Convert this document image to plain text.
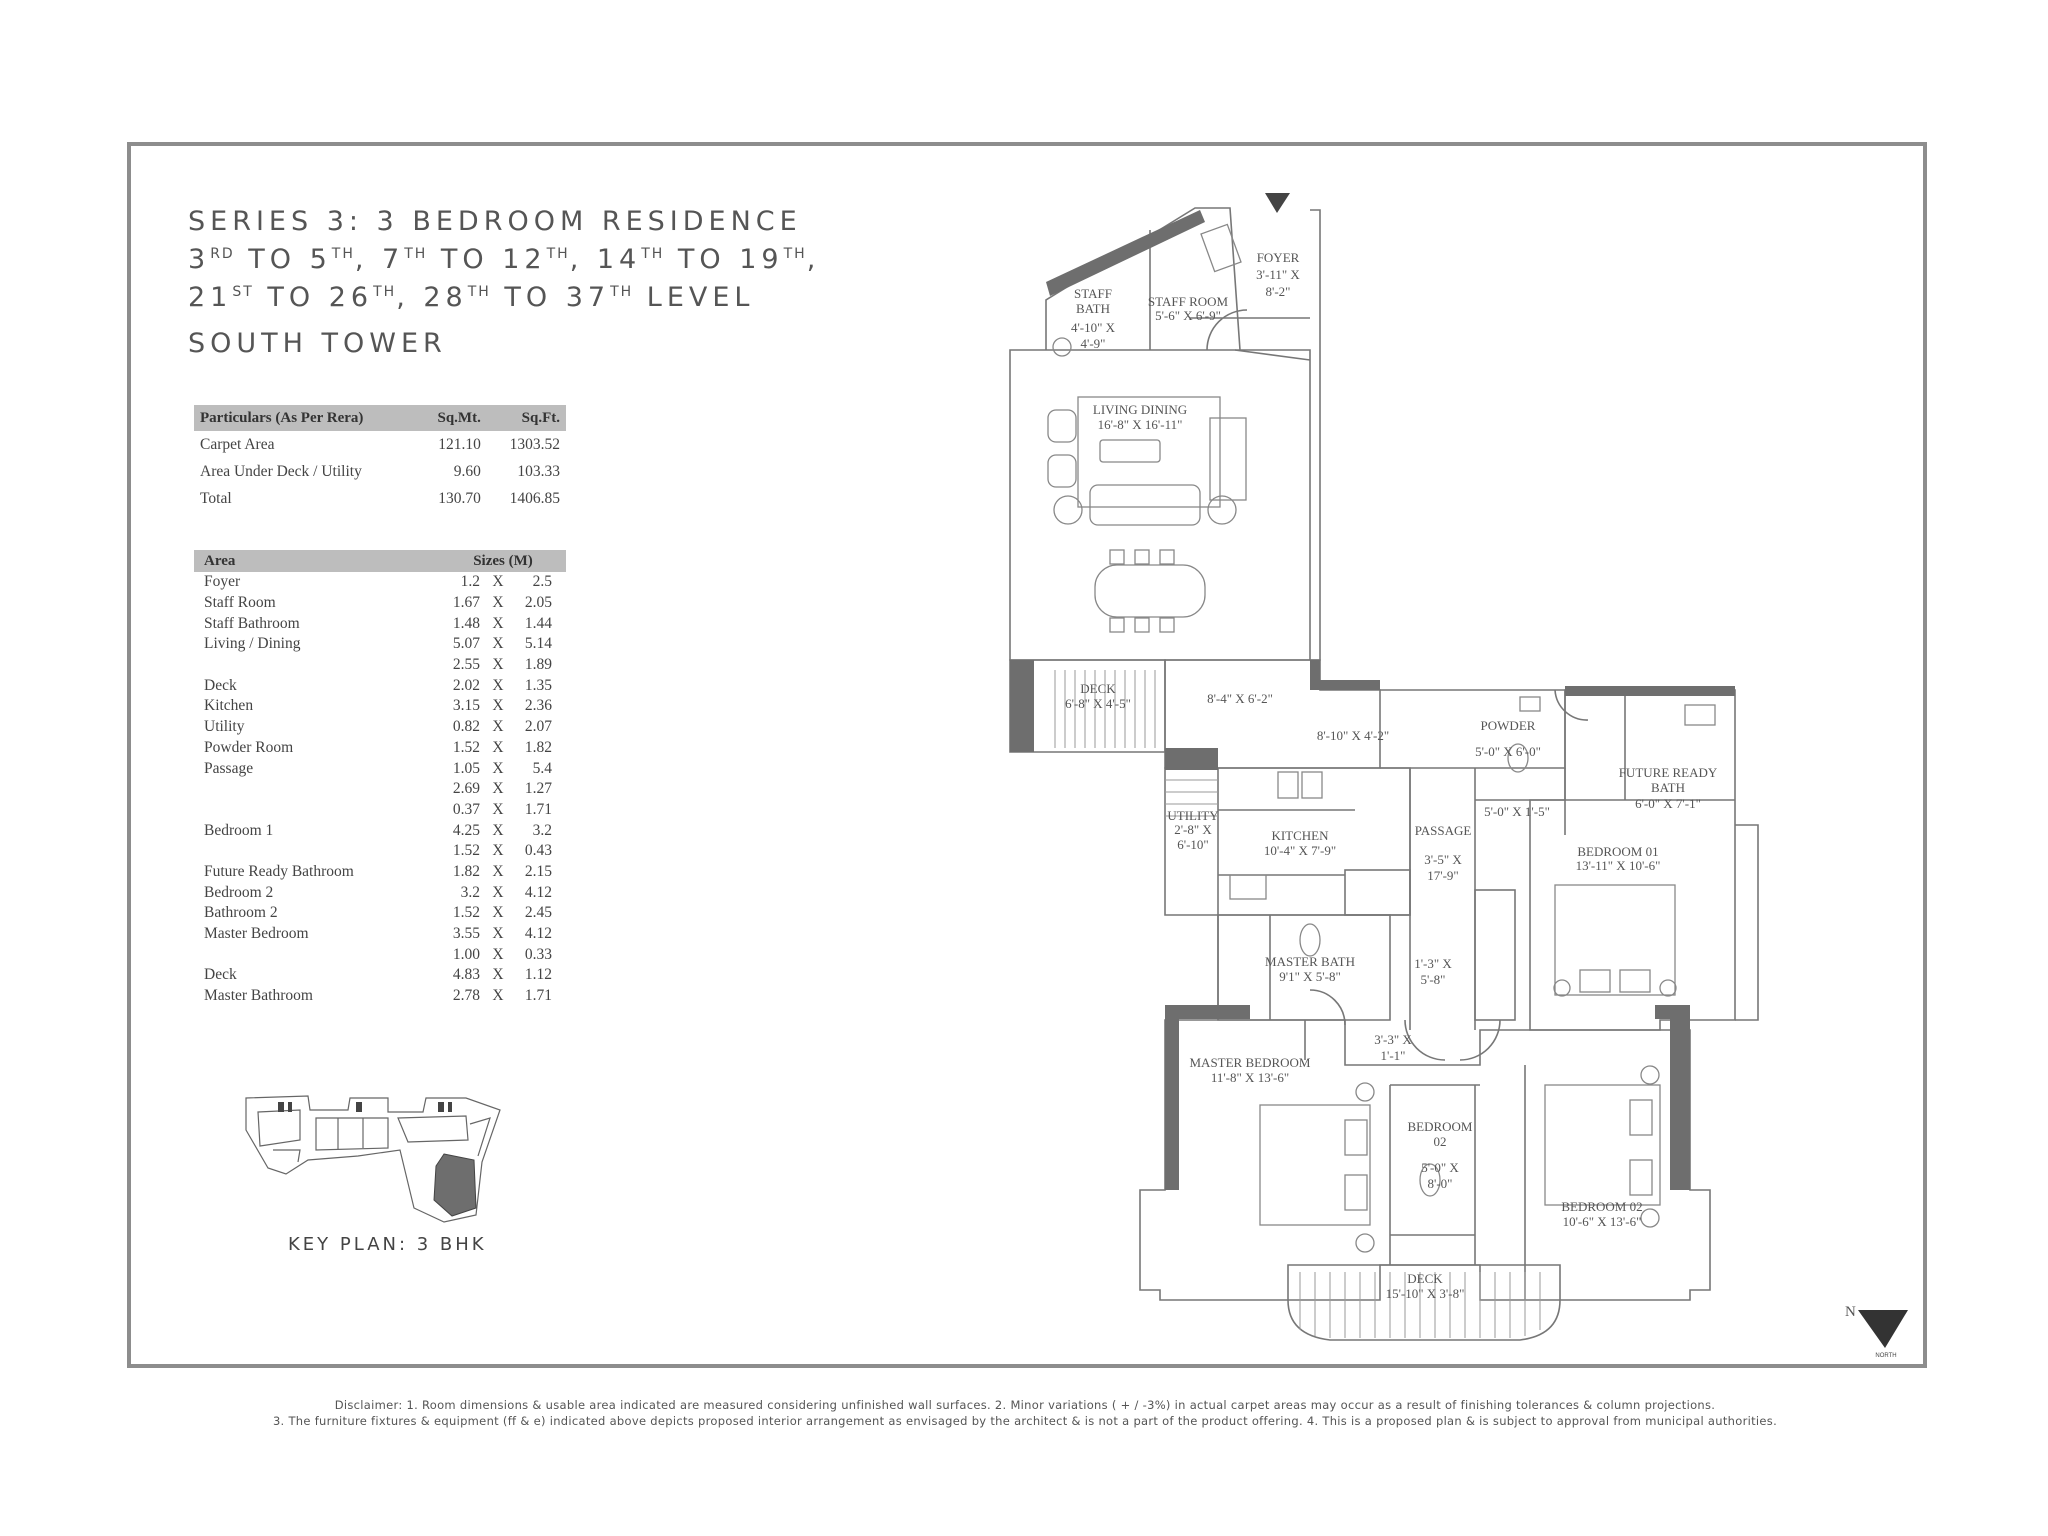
SERIES 3: 3 BEDROOM RESIDENCE
3RD TO 5TH, 7TH TO 12TH, 14TH TO 19TH,
21ST TO 26TH, 28TH TO 37TH LEVEL
SOUTH TOWER
Particulars (As Per Rera)	Sq.Mt.	Sq.Ft.
Carpet Area	121.10	1303.52
Area Under Deck / Utility	9.60	103.33
Total	130.70	1406.85
Area	Sizes (M)		
Foyer	1.2	X	2.5
Staff Room	1.67	X	2.05
Staff Bathroom	1.48	X	1.44
Living / Dining	5.07	X	5.14
	2.55	X	1.89
Deck	2.02	X	1.35
Kitchen	3.15	X	2.36
Utility	0.82	X	2.07
Powder Room	1.52	X	1.82
Passage	1.05	X	5.4
	2.69	X	1.27
	0.37	X	1.71
Bedroom 1	4.25	X	3.2
	1.52	X	0.43
Future Ready Bathroom	1.82	X	2.15
Bedroom 2	3.2	X	4.12
Bathroom 2	1.52	X	2.45
Master Bedroom	3.55	X	4.12
	1.00	X	0.33
Deck	4.83	X	1.12
Master Bathroom	2.78	X	1.71
KEY PLAN: 3 BHK
FOYER
3'-11" X
8'-2"
STAFF
BATH
4'-10" X
4'-9"
STAFF ROOM
5'-6" X 6'-9"
LIVING DINING
16'-8" X 16'-11"
DECK
6'-8" X 4'-5"	8'-4" X 6'-2"
8'-10" X 4'-2"
POWDER
5'-0" X 6'-0"
FUTURE READY
BATH
6'-0" X 7'-1"
5'-0" X 1'-5"
UTILITY
2'-8" X
6'-10"
KITCHEN
10'-4" X 7'-9"
PASSAGE
3'-5" X
17'-9"
BEDROOM 01
13'-11" X 10'-6"
MASTER BATH
9'1" X 5'-8"
1'-3" X
5'-8"
3'-3" X
1'-1"
MASTER BEDROOM
11'-8" X 13'-6"
BEDROOM
02
5'-0" X
8'-0"
BEDROOM 02
10'-6" X 13'-6"
DECK
15'-10" X 3'-8"
N
NORTH
Disclaimer: 1. Room dimensions & usable area indicated are measured considering unfinished wall surfaces. 2. Minor variations ( + / -3%) in actual carpet areas may occur as a result of finishing tolerances & column projections.
3. The furniture fixtures & equipment (ff & e) indicated above depicts proposed interior arrangement as envisaged by the architect & is not a part of the product offering. 4. This is a proposed plan & is subject to approval from municipal authorities.
